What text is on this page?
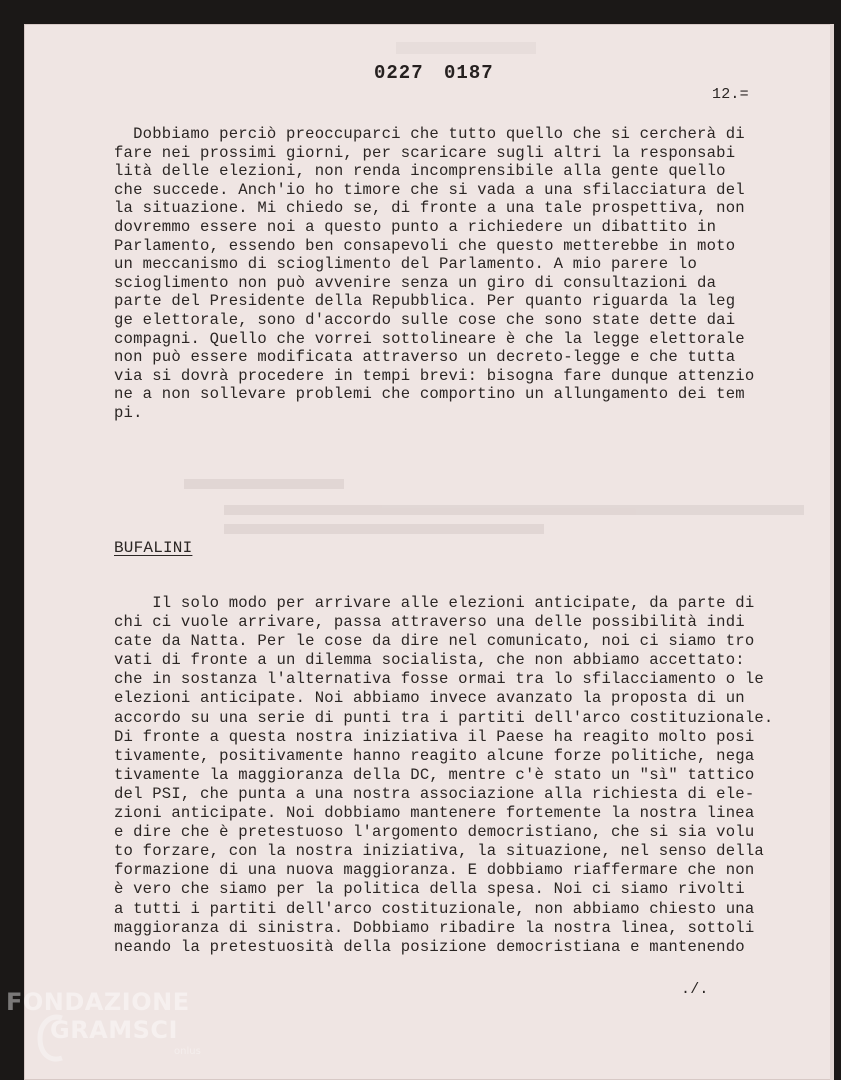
0227 0187
12.=
Dobbiamo perciò preoccuparci che tutto quello che si cercherà di
fare nei prossimi giorni, per scaricare sugli altri la responsabi
lità delle elezioni, non renda incomprensibile alla gente quello
che succede. Anch'io ho timore che si vada a una sfilacciatura del
la situazione. Mi chiedo se, di fronte a una tale prospettiva, non
dovremmo essere noi a questo punto a richiedere un dibattito in
Parlamento, essendo ben consapevoli che questo metterebbe in moto
un meccanismo di scioglimento del Parlamento. A mio parere lo
scioglimento non può avvenire senza un giro di consultazioni da
parte del Presidente della Repubblica. Per quanto riguarda la leg
ge elettorale, sono d'accordo sulle cose che sono state dette dai
compagni. Quello che vorrei sottolineare è che la legge elettorale
non può essere modificata attraverso un decreto-legge e che tutta
via si dovrà procedere in tempi brevi: bisogna fare dunque attenzio
ne a non sollevare problemi che comportino un allungamento dei tem
pi.
BUFALINI
Il solo modo per arrivare alle elezioni anticipate, da parte di
chi ci vuole arrivare, passa attraverso una delle possibilità indi
cate da Natta. Per le cose da dire nel comunicato, noi ci siamo tro
vati di fronte a un dilemma socialista, che non abbiamo accettato:
che in sostanza l'alternativa fosse ormai tra lo sfilacciamento o le
elezioni anticipate. Noi abbiamo invece avanzato la proposta di un
accordo su una serie di punti tra i partiti dell'arco costituzionale.
Di fronte a questa nostra iniziativa il Paese ha reagito molto posi
tivamente, positivamente hanno reagito alcune forze politiche, nega
tivamente la maggioranza della DC, mentre c'è stato un "sì" tattico
del PSI, che punta a una nostra associazione alla richiesta di ele-
zioni anticipate. Noi dobbiamo mantenere fortemente la nostra linea
e dire che è pretestuoso l'argomento democristiano, che si sia volu
to forzare, con la nostra iniziativa, la situazione, nel senso della
formazione di una nuova maggioranza. E dobbiamo riaffermare che non
è vero che siamo per la politica della spesa. Noi ci siamo rivolti
a tutti i partiti dell'arco costituzionale, non abbiamo chiesto una
maggioranza di sinistra. Dobbiamo ribadire la nostra linea, sottoli
neando la pretestuosità della posizione democristiana e mantenendo
./.
FONDAZIONE
GRAMSCI
onlus
